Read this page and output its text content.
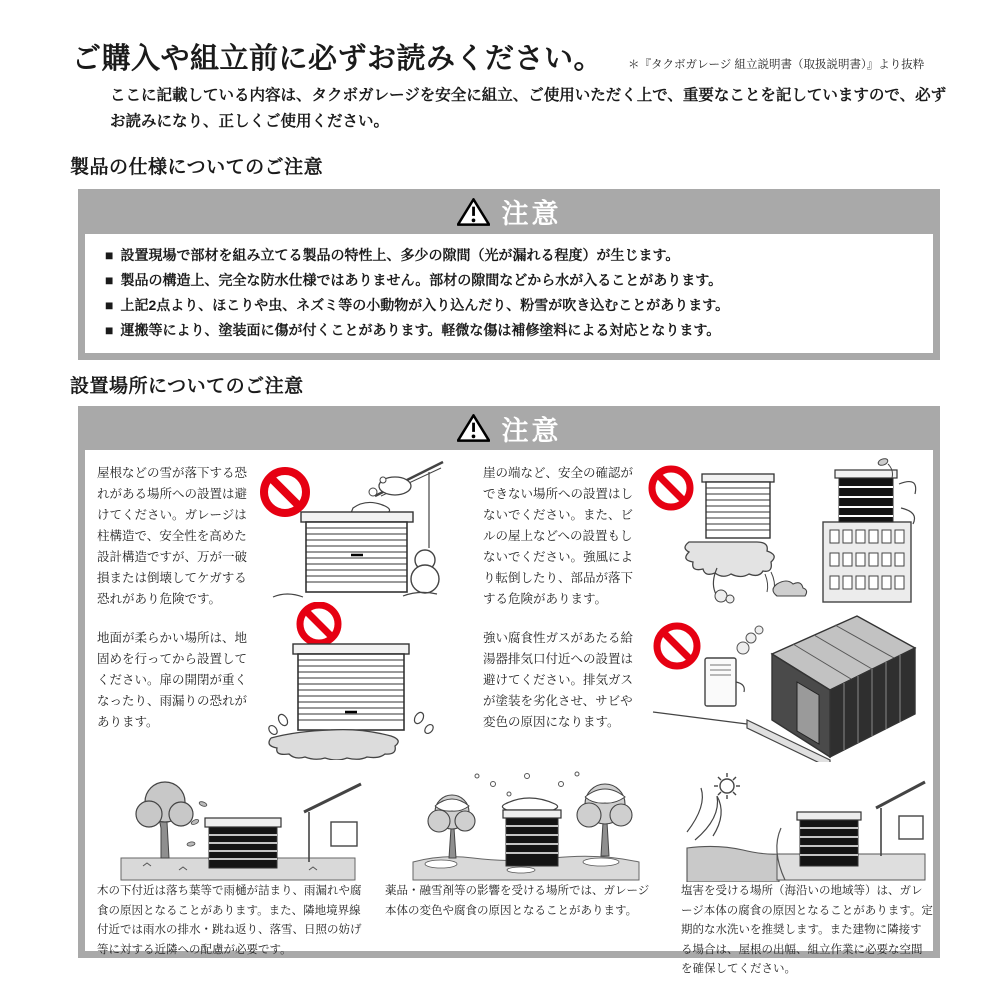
ご購入や組立前に必ずお読みください。 ＊『タクボガレージ 組立説明書（取扱説明書）』より抜粋
ここに記載している内容は、タクボガレージを安全に組立、ご使用いただく上で、重要なことを記していますので、必ずお読みになり、正しくご使用ください。
製品の仕様についてのご注意
注意
■ 設置現場で部材を組み立てる製品の特性上、多少の隙間（光が漏れる程度）が生じます。
■ 製品の構造上、完全な防水仕様ではありません。部材の隙間などから水が入ることがあります。
■ 上記2点より、ほこりや虫、ネズミ等の小動物が入り込んだり、粉雪が吹き込むことがあります。
■ 運搬等により、塗装面に傷が付くことがあります。軽微な傷は補修塗料による対応となります。
設置場所についてのご注意
注意
屋根などの雪が落下する恐れがある場所への設置は避けてください。ガレージは柱構造で、安全性を高めた設計構造ですが、万が一破損または倒壊してケガする恐れがあり危険です。
崖の端など、安全の確認ができない場所への設置はしないでください。また、ビルの屋上などへの設置もしないでください。強風により転倒したり、部品が落下する危険があります。
地面が柔らかい場所は、地固めを行ってから設置してください。扉の開閉が重くなったり、雨漏りの恐れがあります。
強い腐食性ガスがあたる給湯器排気口付近への設置は避けてください。排気ガスが塗装を劣化させ、サビや変色の原因になります。
木の下付近は落ち葉等で雨樋が詰まり、雨漏れや腐食の原因となることがあります。また、隣地境界線付近では雨水の排水・跳ね返り、落雪、日照の妨げ等に対する近隣への配慮が必要です。
薬品・融雪剤等の影響を受ける場所では、ガレージ本体の変色や腐食の原因となることがあります。
塩害を受ける場所（海沿いの地域等）は、ガレージ本体の腐食の原因となることがあります。定期的な水洗いを推奨します。また建物に隣接する場合は、屋根の出幅、組立作業に必要な空間を確保してください。
